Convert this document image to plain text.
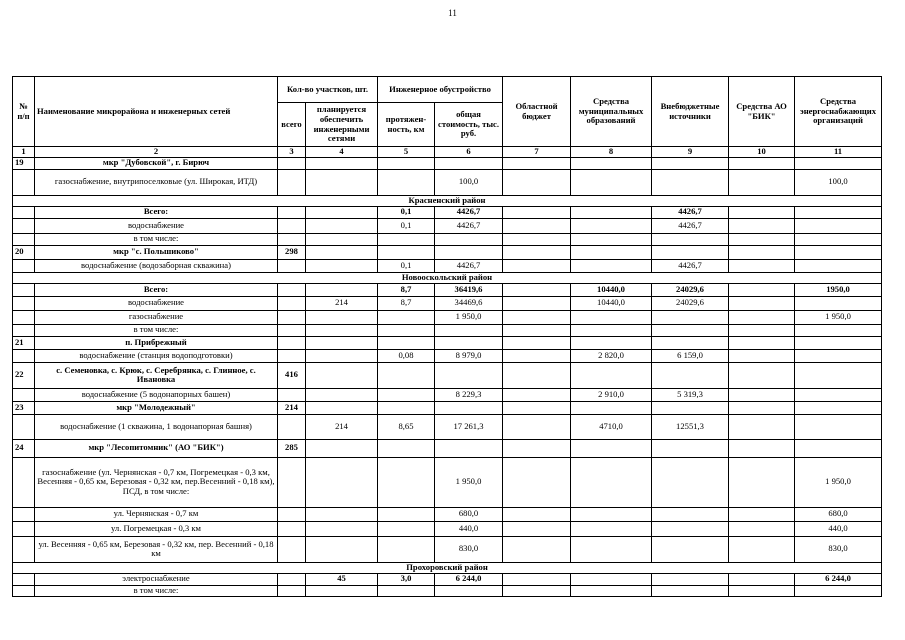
11
№
п/п	Наименование микрорайона и инженерных сетей	Кол-во участков, шт.		Инженерное обустройство		Областной бюджет	Средства муниципальных образований	Внебюджетные источники	Средства АО "БИК"	Средства энергоснабжающих организаций
		всего	планируется обеспечить инженерными сетями	протяжен-ность, км	общая стоимость, тыс. руб.					
1	2	3	4	5	6	7	8	9	10	11
19	мкр "Дубовской", г. Бирюч									
	газоснабжение, внутрипоселковые (ул. Широкая, ИТД)				100,0					100,0
Красненский район										
	Всего:			0,1	4426,7			4426,7		
	водоснабжение			0,1	4426,7			4426,7		
	в том числе:									
20	мкр "с. Польшиково"	298								
	водоснабжение (водозаборная скважина)			0,1	4426,7			4426,7		
Новооскольский район										
	Всего:			8,7	36419,6		10440,0	24029,6		1950,0
	водоснабжение		214	8,7	34469,6		10440,0	24029,6		
	газоснабжение				1 950,0					1 950,0
	в том числе:									
21	п. Прибрежный									
	водоснабжение (станция водоподготовки)			0,08	8 979,0		2 820,0	6 159,0		
22	с. Семеновка, с. Крюк, с. Серебрянка, с. Глинное, с. Ивановка	416								
	водоснабжение (5 водонапорных башен)				8 229,3		2 910,0	5 319,3		
23	мкр "Молодежный"	214								
	водоснабжение (1 скважина, 1 водонапорная башня)		214	8,65	17 261,3		4710,0	12551,3		
24	мкр "Лесопитомник" (АО "БИК")	285								
	газоснабжение (ул. Чернянская - 0,7 км, Погремецкая - 0,3 км, Весенняя - 0,65 км, Березовая - 0,32 км, пер.Весенний - 0,18 км), ПСД, в том числе:				1 950,0					1 950,0
	ул. Чернянская - 0,7 км				680,0					680,0
	ул. Погремецкая - 0,3 км				440,0					440,0
	ул. Весенняя - 0,65 км, Березовая - 0,32 км, пер. Весенний - 0,18 км				830,0					830,0
Прохоровский район										
	электроснабжение		45	3,0	6 244,0					6 244,0
	в том числе:									
